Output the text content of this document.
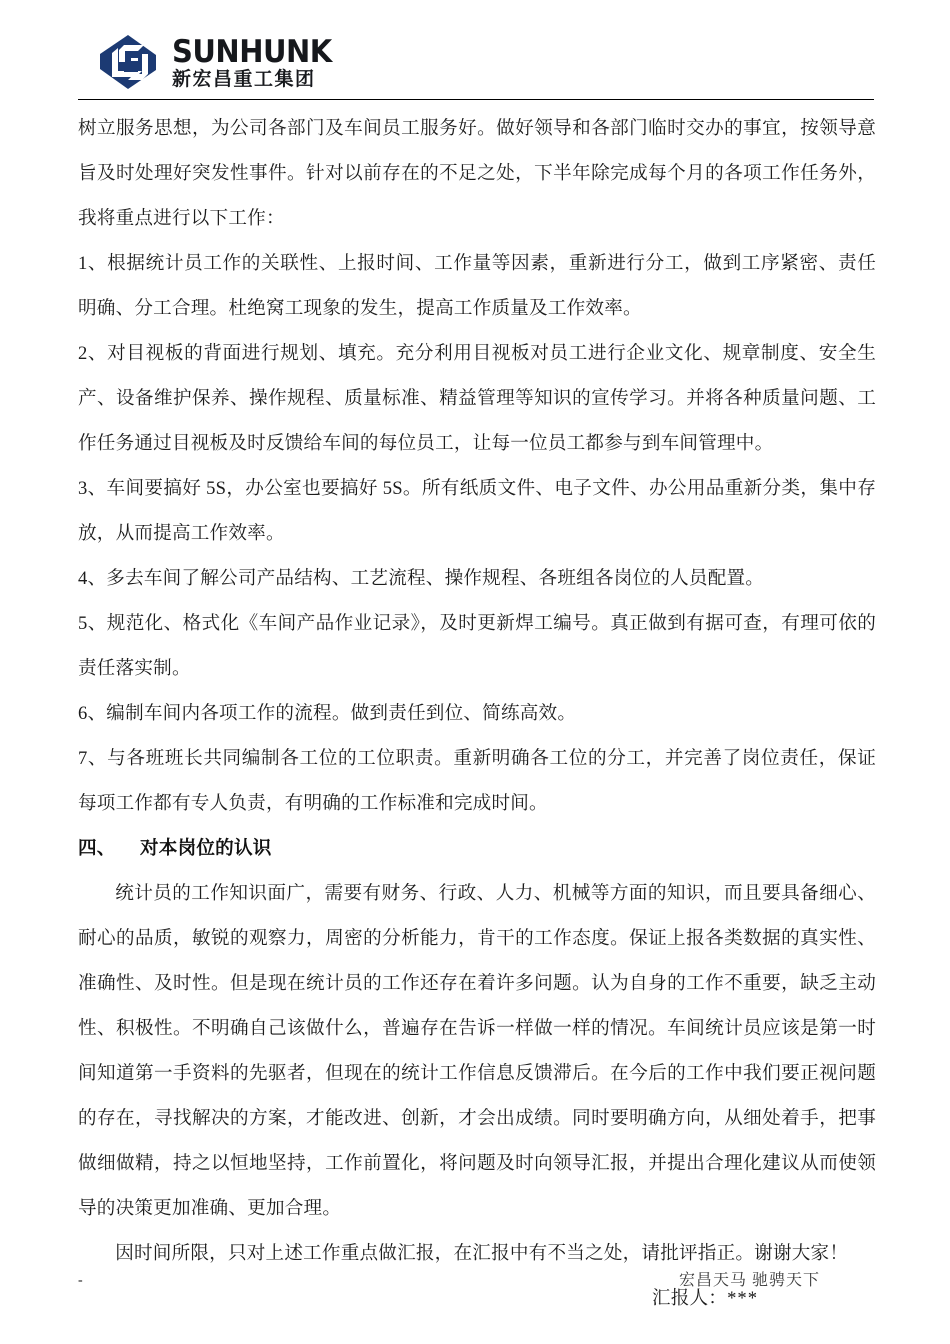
SUNHUNK
新宏昌重工集团

树立服务思想，为公司各部门及车间员工服务好。做好领导和各部门临时交办的事宜，按领导意旨及时处理好突发性事件。针对以前存在的不足之处，下半年除完成每个月的各项工作任务外，我将重点进行以下工作：

1、根据统计员工作的关联性、上报时间、工作量等因素，重新进行分工，做到工序紧密、责任明确、分工合理。杜绝窝工现象的发生，提高工作质量及工作效率。

2、对目视板的背面进行规划、填充。充分利用目视板对员工进行企业文化、规章制度、安全生产、设备维护保养、操作规程、质量标准、精益管理等知识的宣传学习。并将各种质量问题、工作任务通过目视板及时反馈给车间的每位员工，让每一位员工都参与到车间管理中。

3、车间要搞好 5S，办公室也要搞好 5S。所有纸质文件、电子文件、办公用品重新分类，集中存放，从而提高工作效率。

4、多去车间了解公司产品结构、工艺流程、操作规程、各班组各岗位的人员配置。

5、规范化、格式化《车间产品作业记录》，及时更新焊工编号。真正做到有据可查，有理可依的责任落实制。

6、编制车间内各项工作的流程。做到责任到位、简练高效。

7、与各班班长共同编制各工位的工位职责。重新明确各工位的分工，并完善了岗位责任，保证每项工作都有专人负责，有明确的工作标准和完成时间。

四、 对本岗位的认识

统计员的工作知识面广，需要有财务、行政、人力、机械等方面的知识，而且要具备细心、耐心的品质，敏锐的观察力，周密的分析能力，肯干的工作态度。保证上报各类数据的真实性、准确性、及时性。但是现在统计员的工作还存在着许多问题。认为自身的工作不重要，缺乏主动性、积极性。不明确自己该做什么，普遍存在告诉一样做一样的情况。车间统计员应该是第一时间知道第一手资料的先驱者，但现在的统计工作信息反馈滞后。在今后的工作中我们要正视问题的存在，寻找解决的方案，才能改进、创新，才会出成绩。同时要明确方向，从细处着手，把事做细做精，持之以恒地坚持，工作前置化，将问题及时向领导汇报，并提出合理化建议从而使领导的决策更加准确、更加合理。

因时间所限，只对上述工作重点做汇报，在汇报中有不当之处，请批评指正。谢谢大家！

汇报人：***

-	宏昌天马 驰骋天下
